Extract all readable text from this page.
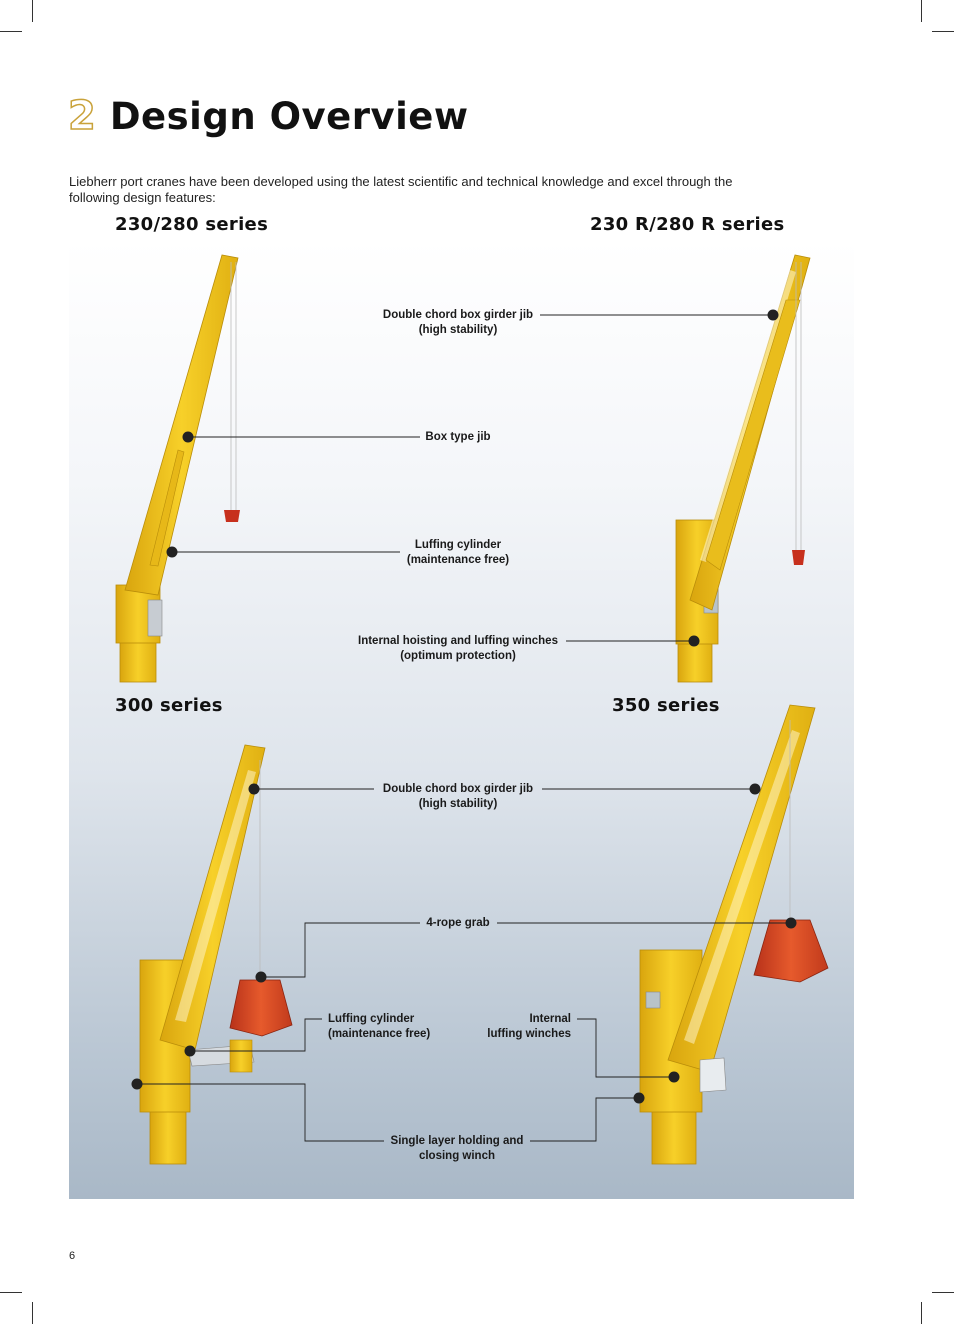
2 Design Overview
Liebherr port cranes have been developed using the latest scientific and technical knowledge and excel through the following design features:
230/280 series	230 R/280 R series
300 series	350 series
Double chord box girder jib
(high stability)
Box type jib
Luffing cylinder
(maintenance free)
Internal hoisting and luffing winches
(optimum protection)
Double chord box girder jib
(high stability)
4-rope grab
Luffing cylinder
(maintenance free)
Internal
luffing winches
Single layer holding and
closing winch
6
